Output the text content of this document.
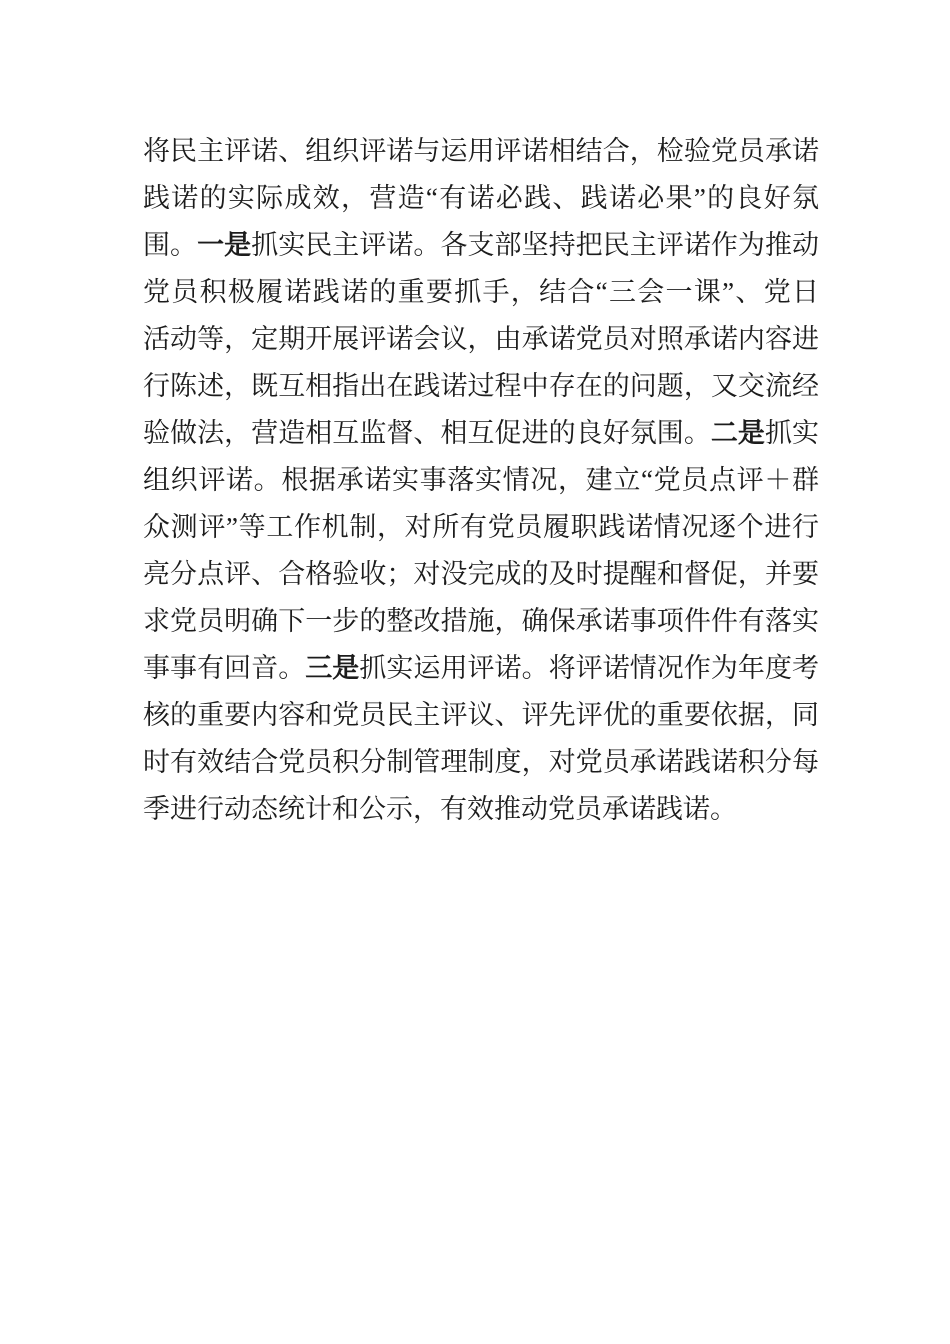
将民主评诺、组织评诺与运用评诺相结合，检验党员承诺
践诺的实际成效，营造“有诺必践、践诺必果”的良好氛
围。一是抓实民主评诺。各支部坚持把民主评诺作为推动
党员积极履诺践诺的重要抓手，结合“三会一课”、党日
活动等，定期开展评诺会议，由承诺党员对照承诺内容进
行陈述，既互相指出在践诺过程中存在的问题，又交流经
验做法，营造相互监督、相互促进的良好氛围。二是抓实
组织评诺。根据承诺实事落实情况，建立“党员点评＋群
众测评”等工作机制，对所有党员履职践诺情况逐个进行
亮分点评、合格验收；对没完成的及时提醒和督促，并要
求党员明确下一步的整改措施，确保承诺事项件件有落实
事事有回音。三是抓实运用评诺。将评诺情况作为年度考
核的重要内容和党员民主评议、评先评优的重要依据，同
时有效结合党员积分制管理制度，对党员承诺践诺积分每
季进行动态统计和公示，有效推动党员承诺践诺。
